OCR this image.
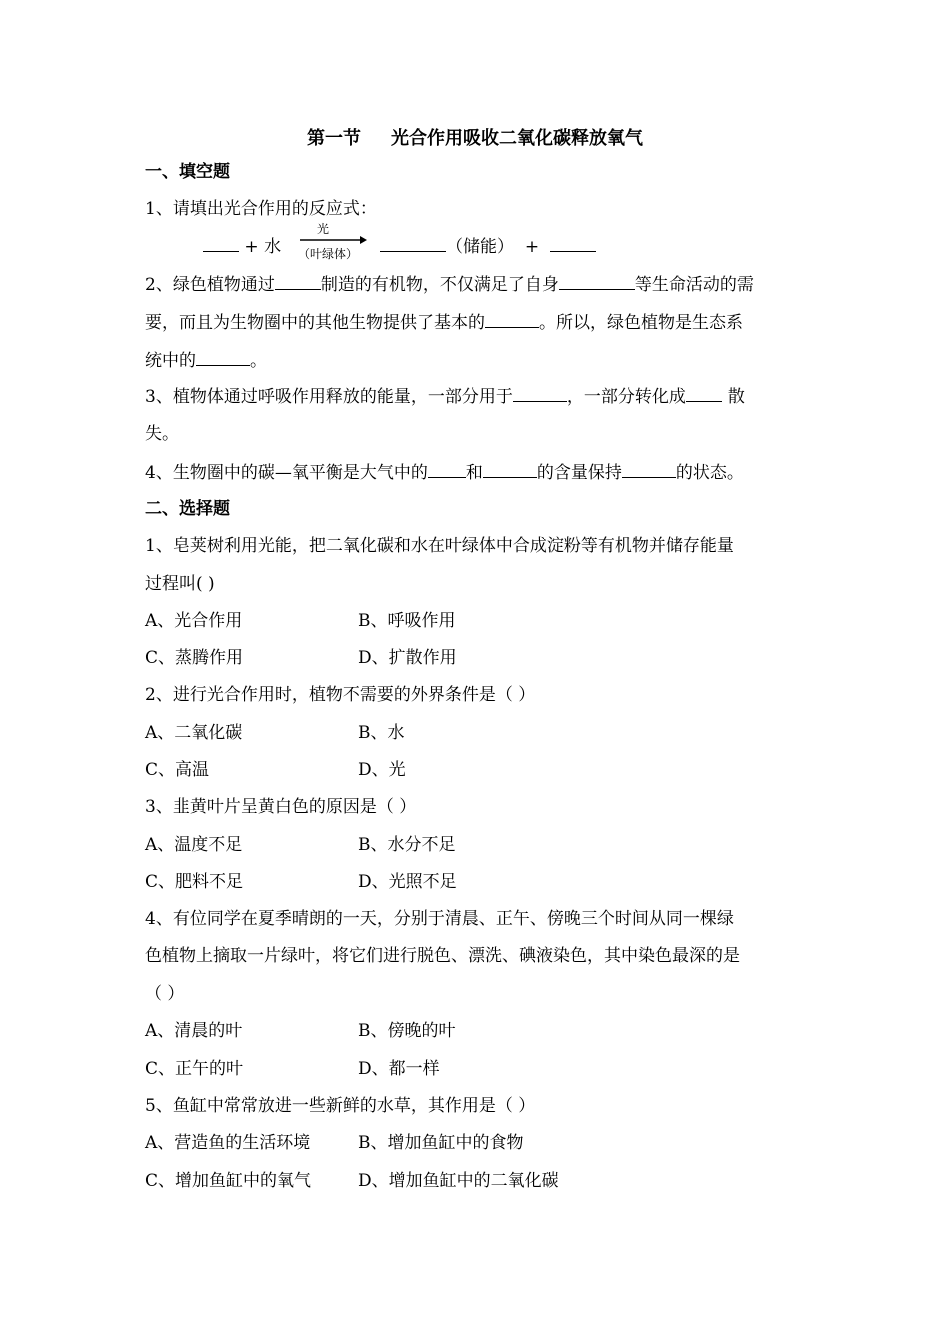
第一节 光合作用吸收二氧化碳释放氧气
一、填空题
1、请填出光合作用的反应式：
+ 水
光
（叶绿体）	（储能） +
2、绿色植物通过	制造的有机物，不仅满足了自身	等生命活动的需
要，而且为生物圈中的其他生物提供了基本的	。所以，绿色植物是生态系
统中的	。
3、植物体通过呼吸作用释放的能量，一部分用于	，一部分转化成 散
失。
4、生物圈中的碳—氧平衡是大气中的 和	的含量保持	的状态。
二、选择题
1、皂荚树利用光能，把二氧化碳和水在叶绿体中合成淀粉等有机物并储存能量
过程叫( )
A、光合作用	B、呼吸作用
C、蒸腾作用	D、扩散作用
2、进行光合作用时，植物不需要的外界条件是（ ）
A、二氧化碳	B、水
C、高温	D、光
3、韭黄叶片呈黄白色的原因是（ ）
A、温度不足	B、水分不足
C、肥料不足	D、光照不足
4、有位同学在夏季晴朗的一天，分别于清晨、正午、傍晚三个时间从同一棵绿
色植物上摘取一片绿叶，将它们进行脱色、漂洗、碘液染色，其中染色最深的是
（ ）
A、清晨的叶	B、傍晚的叶
C、正午的叶	D、都一样
5、鱼缸中常常放进一些新鲜的水草，其作用是（ ）
A、营造鱼的生活环境	B、增加鱼缸中的食物
C、增加鱼缸中的氧气	D、增加鱼缸中的二氧化碳
